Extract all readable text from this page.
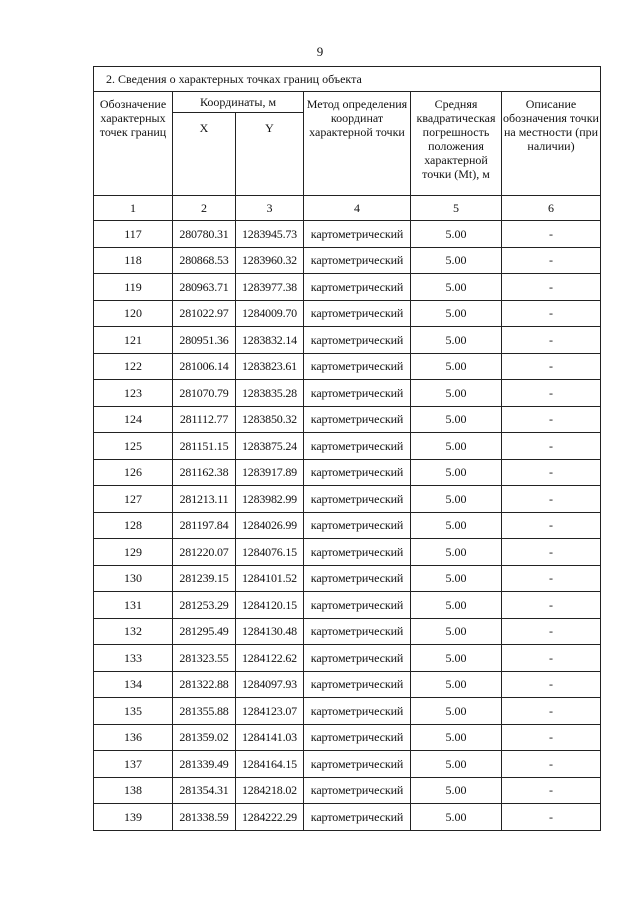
9
2. Сведения о характерных точках границ объекта					
Обозначение характерных точек границ	Координаты, м		Метод определения координат характерной точки	Средняя квадратическая погрешность положения характерной точки (Mt), м	Описание обозначения точки на местности (при наличии)
	X	Y			
1	2	3	4	5	6
117	280780.31	1283945.73	картометрический	5.00	-
118	280868.53	1283960.32	картометрический	5.00	-
119	280963.71	1283977.38	картометрический	5.00	-
120	281022.97	1284009.70	картометрический	5.00	-
121	280951.36	1283832.14	картометрический	5.00	-
122	281006.14	1283823.61	картометрический	5.00	-
123	281070.79	1283835.28	картометрический	5.00	-
124	281112.77	1283850.32	картометрический	5.00	-
125	281151.15	1283875.24	картометрический	5.00	-
126	281162.38	1283917.89	картометрический	5.00	-
127	281213.11	1283982.99	картометрический	5.00	-
128	281197.84	1284026.99	картометрический	5.00	-
129	281220.07	1284076.15	картометрический	5.00	-
130	281239.15	1284101.52	картометрический	5.00	-
131	281253.29	1284120.15	картометрический	5.00	-
132	281295.49	1284130.48	картометрический	5.00	-
133	281323.55	1284122.62	картометрический	5.00	-
134	281322.88	1284097.93	картометрический	5.00	-
135	281355.88	1284123.07	картометрический	5.00	-
136	281359.02	1284141.03	картометрический	5.00	-
137	281339.49	1284164.15	картометрический	5.00	-
138	281354.31	1284218.02	картометрический	5.00	-
139	281338.59	1284222.29	картометрический	5.00	-
